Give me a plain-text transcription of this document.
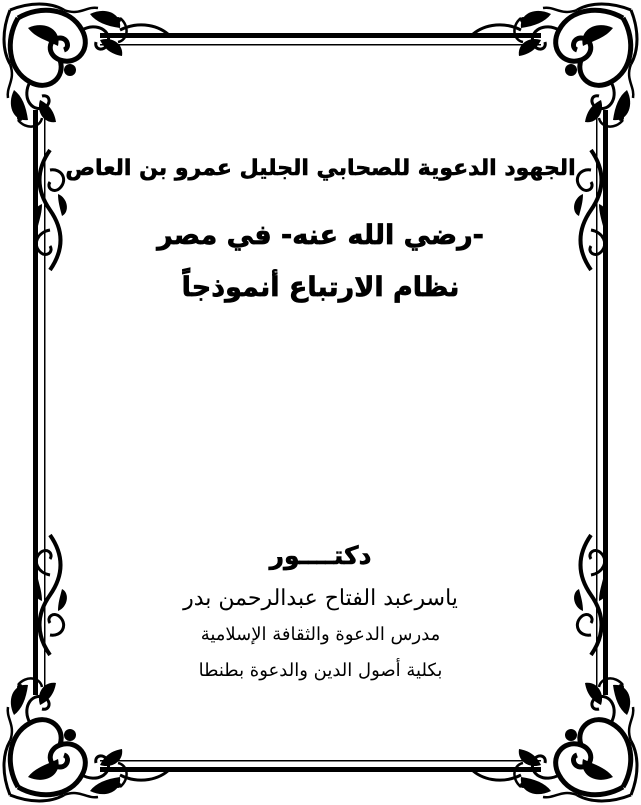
الجهود الدعوية للصحابي الجليل عمرو بن العاص
-رضي الله عنه- في مصر
نظام الارتباع أنموذجاً
دكتــــور
ياسرعبد الفتاح عبدالرحمن بدر
مدرس الدعوة والثقافة الإسلامية
بكلية أصول الدين والدعوة بطنطا
